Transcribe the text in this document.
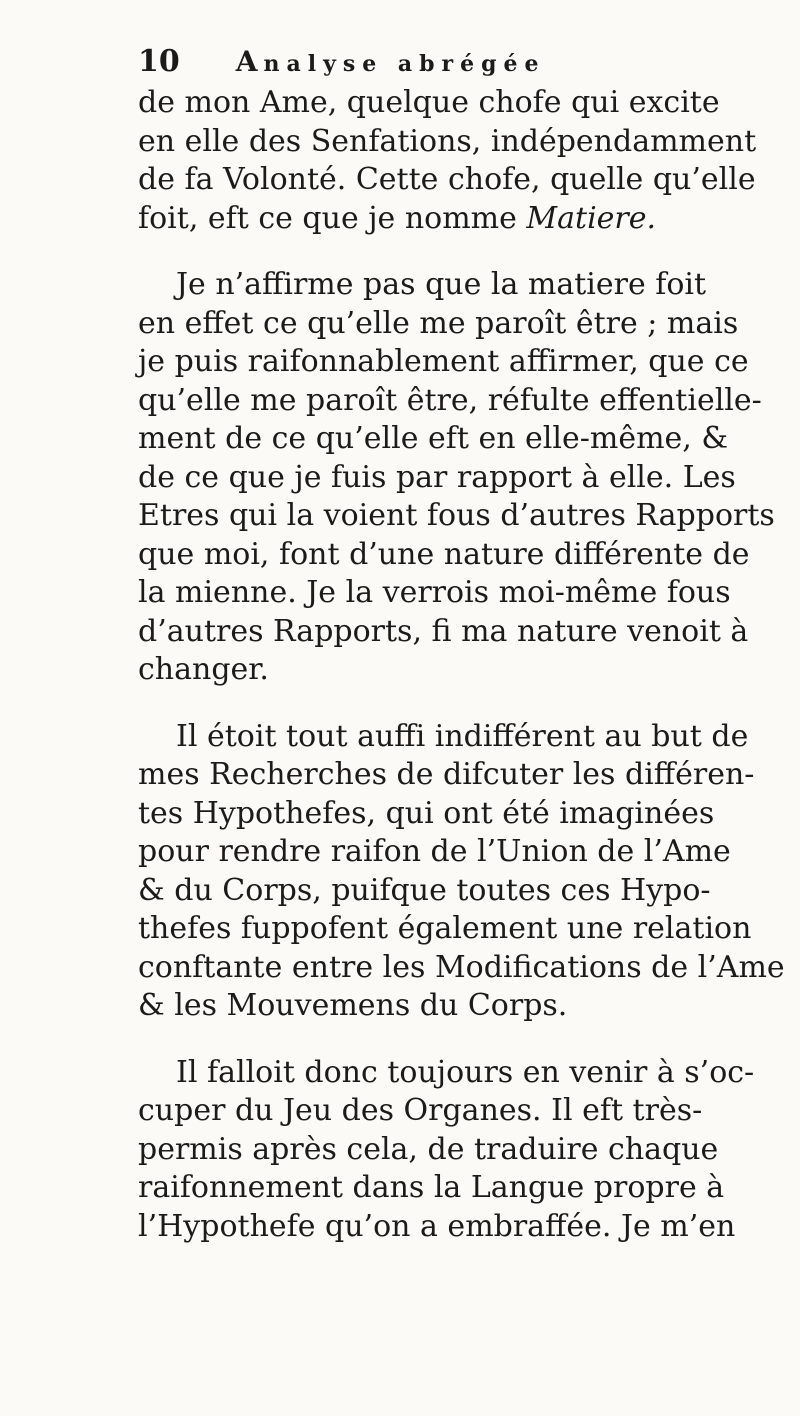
10 Analyse abrégée
de mon Ame, quelque chofe qui excite
en elle des Senfations, indépendamment
de fa Volonté. Cette chofe, quelle qu’elle
foit, eft ce que je nomme Matiere.
Je n’affirme pas que la matiere foit
en effet ce qu’elle me paroît être ; mais
je puis raifonnablement affirmer, que ce
qu’elle me paroît être, réfulte effentielle-
ment de ce qu’elle eft en elle-même, &
de ce que je fuis par rapport à elle. Les
Etres qui la voient fous d’autres Rapports
que moi, font d’une nature différente de
la mienne. Je la verrois moi-même fous
d’autres Rapports, fi ma nature venoit à
changer.
Il étoit tout auffi indifférent au but de
mes Recherches de difcuter les différen-
tes Hypothefes, qui ont été imaginées
pour rendre raifon de l’Union de l’Ame
& du Corps, puifque toutes ces Hypo-
thefes fuppofent également une relation
conftante entre les Modifications de l’Ame
& les Mouvemens du Corps.
Il falloit donc toujours en venir à s’oc-
cuper du Jeu des Organes. Il eft très-
permis après cela, de traduire chaque
raifonnement dans la Langue propre à
l’Hypothefe qu’on a embraffée. Je m’en
